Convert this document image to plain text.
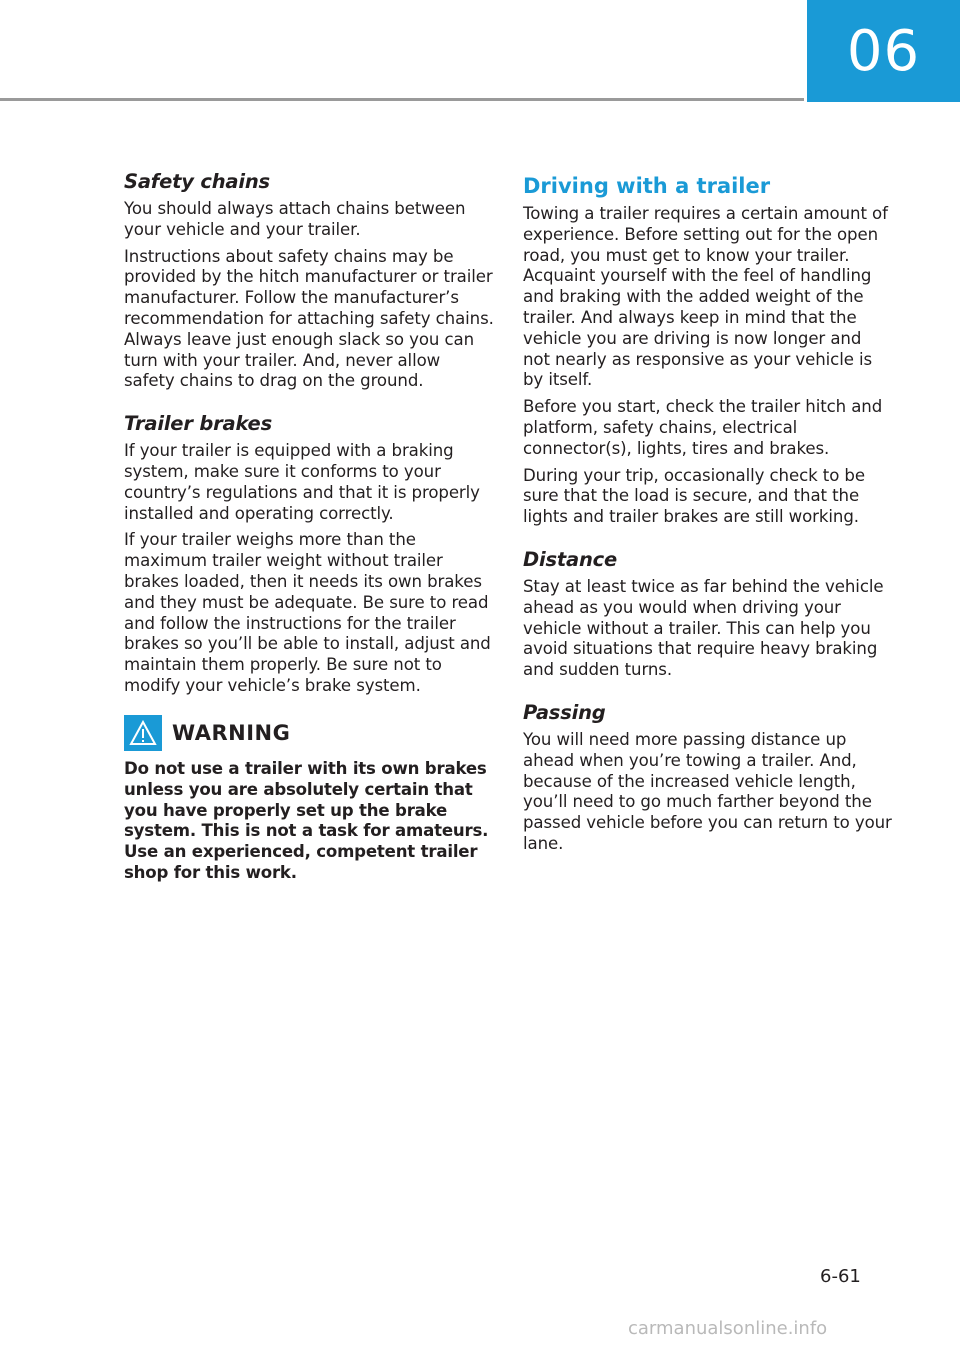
06
Safety chains

You should always attach chains between your vehicle and your trailer.

Instructions about safety chains may be provided by the hitch manufacturer or trailer manufacturer. Follow the manufacturer’s recommendation for attaching safety chains. Always leave just enough slack so you can turn with your trailer. And, never allow safety chains to drag on the ground.

Trailer brakes

If your trailer is equipped with a braking system, make sure it conforms to your country’s regulations and that it is properly installed and operating correctly.

If your trailer weighs more than the maximum trailer weight without trailer brakes loaded, then it needs its own brakes and they must be adequate. Be sure to read and follow the instructions for the trailer brakes so you’ll be able to install, adjust and maintain them properly. Be sure not to modify your vehicle’s brake system.

WARNING

Do not use a trailer with its own brakes unless you are absolutely certain that you have properly set up the brake system. This is not a task for amateurs. Use an experienced, competent trailer shop for this work.

Driving with a trailer

Towing a trailer requires a certain amount of experience. Before setting out for the open road, you must get to know your trailer. Acquaint yourself with the feel of handling and braking with the added weight of the trailer. And always keep in mind that the vehicle you are driving is now longer and not nearly as responsive as your vehicle is by itself.

Before you start, check the trailer hitch and platform, safety chains, electrical connector(s), lights, tires and brakes.

During your trip, occasionally check to be sure that the load is secure, and that the lights and trailer brakes are still working.

Distance

Stay at least twice as far behind the vehicle ahead as you would when driving your vehicle without a trailer. This can help you avoid situations that require heavy braking and sudden turns.

Passing

You will need more passing distance up ahead when you’re towing a trailer. And, because of the increased vehicle length, you’ll need to go much farther beyond the passed vehicle before you can return to your lane.

6-61
carmanualsonline.info
